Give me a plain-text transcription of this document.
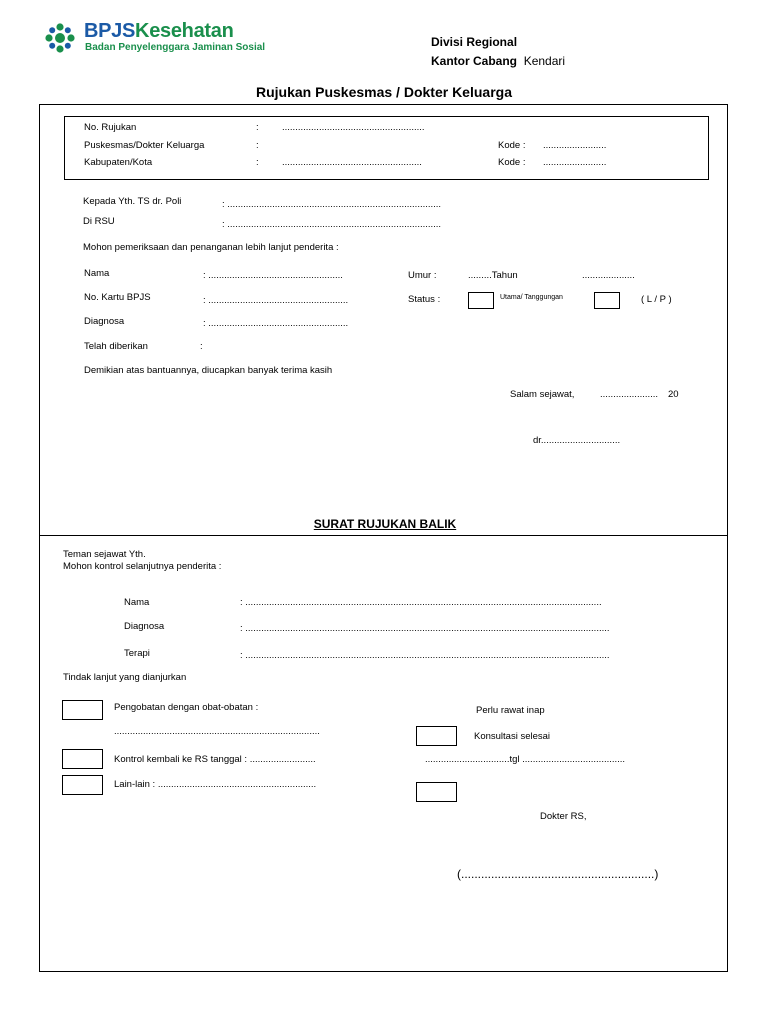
BPJSKesehatan
Badan Penyelenggara Jaminan Sosial	Divisi Regional
Kantor Cabang Kendari
Rujukan Puskesmas / Dokter Keluarga
No. Rujukan	: ......................................................
Puskesmas/Dokter Keluarga	:	Kode : ........................
Kabupaten/Kota	: .....................................................	Kode : ........................
Kepada Yth. TS dr. Poli	: .................................................................................
Di RSU	: .................................................................................
Mohon pemeriksaan dan penanganan lebih lanjut penderita :
Nama	: ...................................................	Umur :	.........Tahun	....................
No. Kartu BPJS	: .....................................................	Status :	Utama/ Tanggungan	( L / P )
Diagnosa	: .....................................................
Telah diberikan	:
Demikian atas bantuannya, diucapkan banyak terima kasih
Salam sejawat,	...................... 20
dr..............................
SURAT RUJUKAN BALIK
Teman sejawat Yth.
Mohon kontrol selanjutnya penderita :
Nama	: .......................................................................................................................................
Diagnosa	: ..........................................................................................................................................
Terapi	: ..........................................................................................................................................
Tindak lanjut yang dianjurkan
Pengobatan dengan obat-obatan :
..............................................................................
Kontrol kembali ke RS tanggal : .........................
Lain-lain : ............................................................
Perlu rawat inap
Konsultasi selesai
................................tgl .......................................
Dokter RS,
(..........................................................)
